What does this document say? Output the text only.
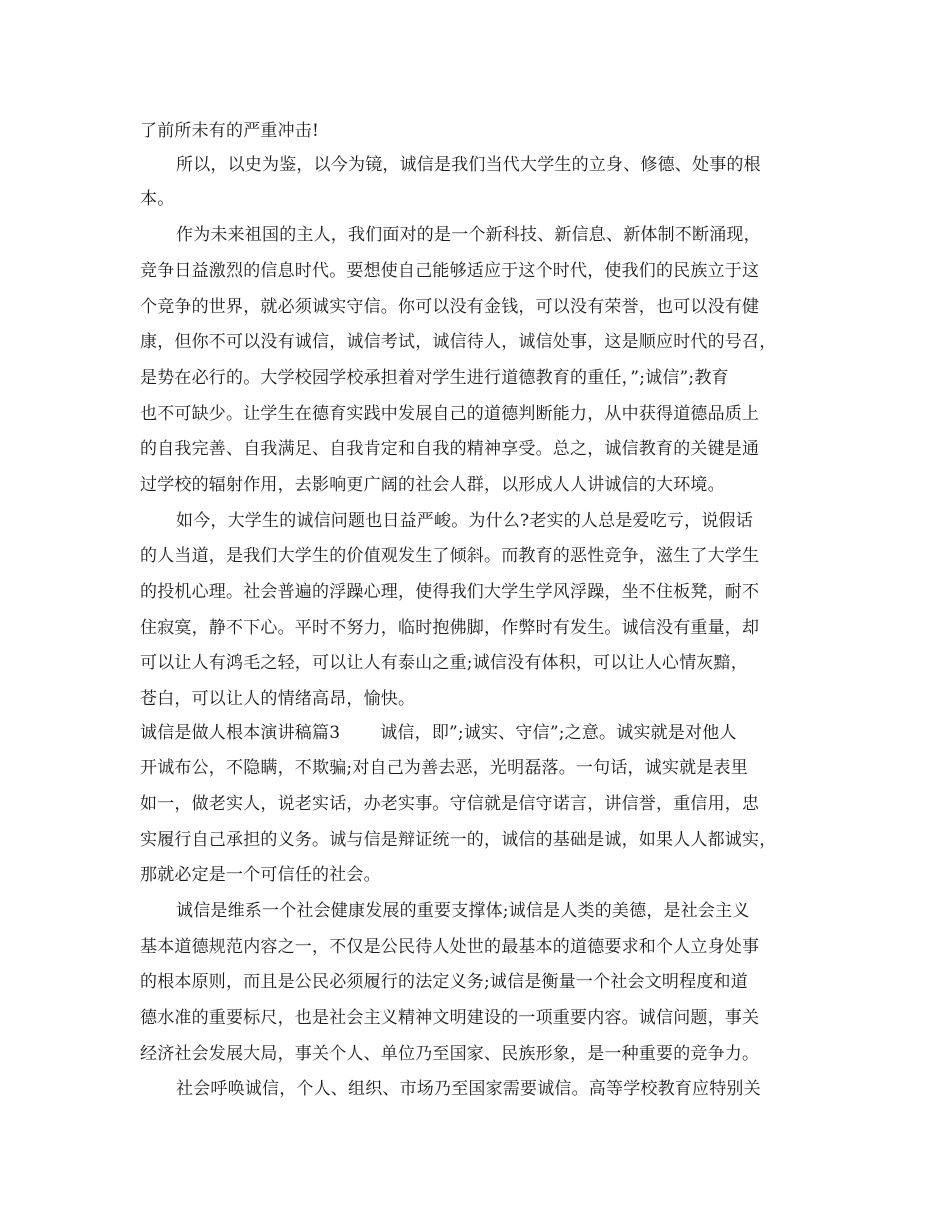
了前所未有的严重冲击!
所以，以史为鉴，以今为镜，诚信是我们当代大学生的立身、修德、处事的根
本。
作为未来祖国的主人，我们面对的是一个新科技、新信息、新体制不断涌现，
竞争日益激烈的信息时代。要想使自己能够适应于这个时代，使我们的民族立于这
个竞争的世界，就必须诚实守信。你可以没有金钱，可以没有荣誉，也可以没有健
康，但你不可以没有诚信，诚信考试，诚信待人，诚信处事，这是顺应时代的号召，
是势在必行的。大学校园学校承担着对学生进行道德教育的重任，”;诚信”;教育
也不可缺少。让学生在德育实践中发展自己的道德判断能力，从中获得道德品质上
的自我完善、自我满足、自我肯定和自我的精神享受。总之，诚信教育的关键是通
过学校的辐射作用，去影响更广阔的社会人群，以形成人人讲诚信的大环境。
如今，大学生的诚信问题也日益严峻。为什么?老实的人总是爱吃亏，说假话
的人当道，是我们大学生的价值观发生了倾斜。而教育的恶性竞争，滋生了大学生
的投机心理。社会普遍的浮躁心理，使得我们大学生学风浮躁，坐不住板凳，耐不
住寂寞，静不下心。平时不努力，临时抱佛脚，作弊时有发生。诚信没有重量，却
可以让人有鸿毛之轻，可以让人有泰山之重;诚信没有体积，可以让人心情灰黯，
苍白，可以让人的情绪高昂，愉快。
诚信是做人根本演讲稿篇3 诚信，即”;诚实、守信”;之意。诚实就是对他人
开诚布公，不隐瞒，不欺骗;对自己为善去恶，光明磊落。一句话，诚实就是表里
如一，做老实人，说老实话，办老实事。守信就是信守诺言，讲信誉，重信用，忠
实履行自己承担的义务。诚与信是辩证统一的，诚信的基础是诚，如果人人都诚实，
那就必定是一个可信任的社会。
诚信是维系一个社会健康发展的重要支撑体;诚信是人类的美德，是社会主义
基本道德规范内容之一，不仅是公民待人处世的最基本的道德要求和个人立身处事
的根本原则，而且是公民必须履行的法定义务;诚信是衡量一个社会文明程度和道
德水准的重要标尺，也是社会主义精神文明建设的一项重要内容。诚信问题，事关
经济社会发展大局，事关个人、单位乃至国家、民族形象，是一种重要的竞争力。
社会呼唤诚信，个人、组织、市场乃至国家需要诚信。高等学校教育应特别关
